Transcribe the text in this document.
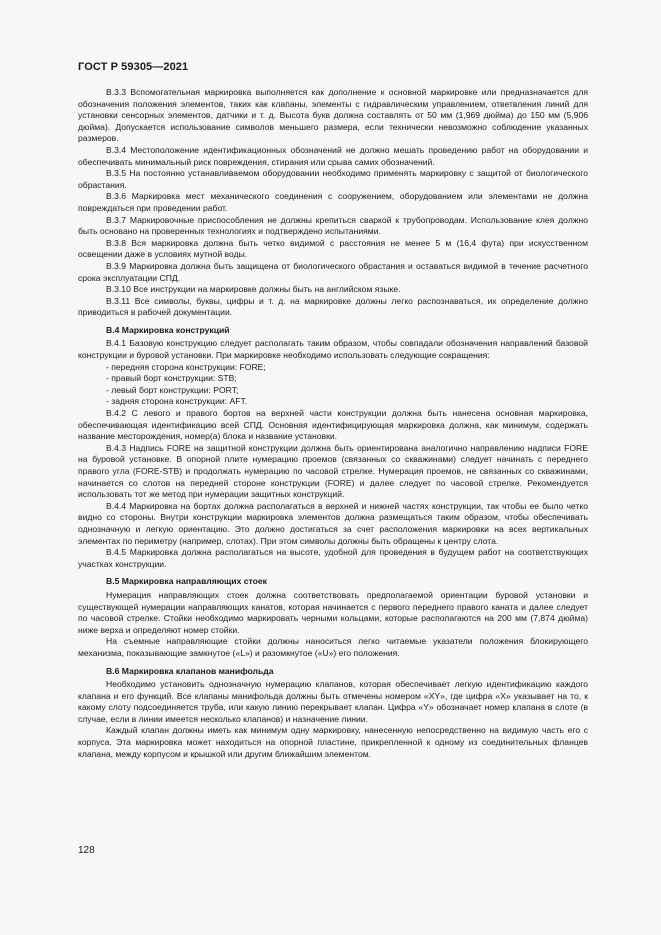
ГОСТ Р 59305—2021

B.3.3 Вспомогательная маркировка выполняется как дополнение к основной маркировке или предназначается для обозначения положения элементов, таких как клапаны, элементы с гидравлическим управлением, ответвления линий для установки сенсорных элементов, датчики и т. д. Высота букв должна составлять от 50 мм (1,969 дюйма) до 150 мм (5,906 дюйма). Допускается использование символов меньшего размера, если технически невозможно соблюдение указанных размеров.

B.3.4 Местоположение идентификационных обозначений не должно мешать проведению работ на оборудовании и обеспечивать минимальный риск повреждения, стирания или срыва самих обозначений.

B.3.5 На постоянно устанавливаемом оборудовании необходимо применять маркировку с защитой от биологического обрастания.

B.3.6 Маркировка мест механического соединения с сооружением, оборудованием или элементами не должна повреждаться при проведении работ.

B.3.7 Маркировочные приспособления не должны крепиться сваркой к трубопроводам. Использование клея должно быть основано на проверенных технологиях и подтверждено испытаниями.

B.3.8 Вся маркировка должна быть четко видимой с расстояния не менее 5 м (16,4 фута) при искусственном освещении даже в условиях мутной воды.

B.3.9 Маркировка должна быть защищена от биологического обрастания и оставаться видимой в течение расчетного срока эксплуатации СПД.

B.3.10 Все инструкции на маркировке должны быть на английском языке.

B.3.11 Все символы, буквы, цифры и т. д. на маркировке должны легко распознаваться, их определение должно приводиться в рабочей документации.

B.4 Маркировка конструкций

B.4.1 Базовую конструкцию следует располагать таким образом, чтобы совпадали обозначения направлений базовой конструкции и буровой установки. При маркировке необходимо использовать следующие сокращения:

- передняя сторона конструкции: FORE;
- правый борт конструкции: STB;
- левый борт конструкции: PORT;
- задняя сторона конструкции: AFT.

B.4.2 С левого и правого бортов на верхней части конструкции должна быть нанесена основная маркировка, обеспечивающая идентификацию всей СПД. Основная идентифицирующая маркировка должна, как минимум, содержать название месторождения, номер(а) блока и название установки.

B.4.3 Надпись FORE на защитной конструкции должна быть ориентирована аналогично направлению надписи FORE на буровой установке. В опорной плите нумерацию проемов (связанных со скважинами) следует начинать с переднего правого угла (FORE-STB) и продолжать нумерацию по часовой стрелке. Нумерация проемов, не связанных со скважинами, начинается со слотов на передней стороне конструкции (FORE) и далее следует по часовой стрелке. Рекомендуется использовать тот же метод при нумерации защитных конструкций.

B.4.4 Маркировка на бортах должна располагаться в верхней и нижней частях конструкции, так чтобы ее было четко видно со стороны. Внутри конструкции маркировка элементов должна размещаться таким образом, чтобы обеспечивать однозначную и легкую ориентацию. Это должно достигаться за счет расположения маркировки на всех вертикальных элементах по периметру (например, слотах). При этом символы должны быть обращены к центру слота.

B.4.5 Маркировка должна располагаться на высоте, удобной для проведения в будущем работ на соответствующих участках конструкции.

B.5 Маркировка направляющих стоек

Нумерация направляющих стоек должна соответствовать предполагаемой ориентации буровой установки и существующей нумерации направляющих канатов, которая начинается с первого переднего правого каната и далее следует по часовой стрелке. Стойки необходимо маркировать черными кольцами, которые располагаются на 200 мм (7,874 дюйма) ниже верха и определяют номер стойки.

На съемные направляющие стойки должны наноситься легко читаемые указатели положения блокирующего механизма, показывающие замкнутое («L») и разомкнутое («U») его положения.

B.6 Маркировка клапанов манифольда

Необходимо установить однозначную нумерацию клапанов, которая обеспечивает легкую идентификацию каждого клапана и его функций. Все клапаны манифольда должны быть отмечены номером «XY», где цифра «X» указывает на то, к какому слоту подсоединяется труба, или какую линию перекрывает клапан. Цифра «Y» обозначает номер клапана в слоте (в случае, если в линии имеется несколько клапанов) и назначение линии.

Каждый клапан должны иметь как минимум одну маркировку, нанесенную непосредственно на видимую часть его с корпуса. Эта маркировка может находиться на опорной пластине, прикрепленной к одному из соединительных фланцев клапана, между корпусом и крышкой или другим ближайшим элементом.

128
